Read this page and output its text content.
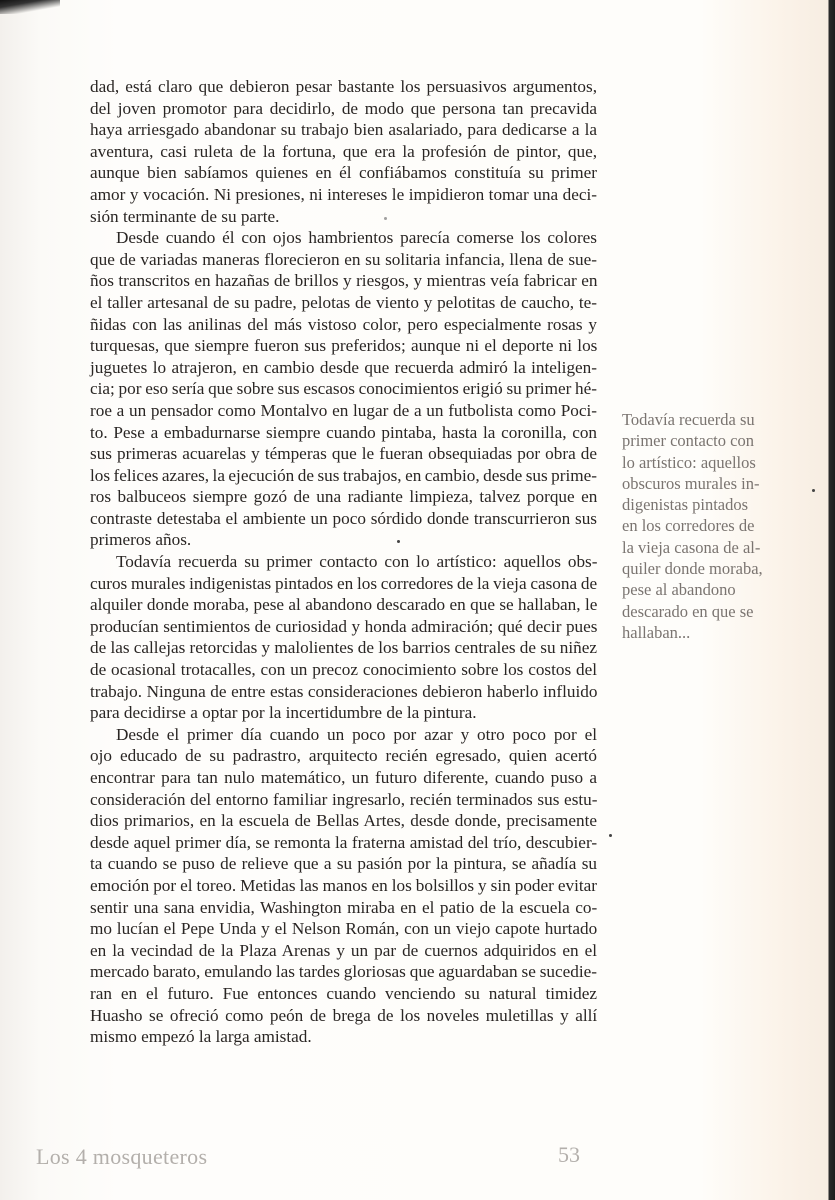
dad, está claro que debieron pesar bastante los persuasivos argumentos,
del joven promotor para decidirlo, de modo que persona tan precavida
haya arriesgado abandonar su trabajo bien asalariado, para dedicarse a la
aventura, casi ruleta de la fortuna, que era la profesión de pintor, que,
aunque bien sabíamos quienes en él confiábamos constituía su primer
amor y vocación. Ni presiones, ni intereses le impidieron tomar una deci-
sión terminante de su parte.
Desde cuando él con ojos hambrientos parecía comerse los colores
que de variadas maneras florecieron en su solitaria infancia, llena de sue-
ños transcritos en hazañas de brillos y riesgos, y mientras veía fabricar en
el taller artesanal de su padre, pelotas de viento y pelotitas de caucho, te-
ñidas con las anilinas del más vistoso color, pero especialmente rosas y
turquesas, que siempre fueron sus preferidos; aunque ni el deporte ni los
juguetes lo atrajeron, en cambio desde que recuerda admiró la inteligen-
cia; por eso sería que sobre sus escasos conocimientos erigió su primer hé-
roe a un pensador como Montalvo en lugar de a un futbolista como Poci-
to. Pese a embadurnarse siempre cuando pintaba, hasta la coronilla, con
sus primeras acuarelas y témperas que le fueran obsequiadas por obra de
los felices azares, la ejecución de sus trabajos, en cambio, desde sus prime-
ros balbuceos siempre gozó de una radiante limpieza, talvez porque en
contraste detestaba el ambiente un poco sórdido donde transcurrieron sus
primeros años.
Todavía recuerda su primer contacto con lo artístico: aquellos obs-
curos murales indigenistas pintados en los corredores de la vieja casona de
alquiler donde moraba, pese al abandono descarado en que se hallaban, le
producían sentimientos de curiosidad y honda admiración; qué decir pues
de las callejas retorcidas y malolientes de los barrios centrales de su niñez
de ocasional trotacalles, con un precoz conocimiento sobre los costos del
trabajo. Ninguna de entre estas consideraciones debieron haberlo influido
para decidirse a optar por la incertidumbre de la pintura.
Desde el primer día cuando un poco por azar y otro poco por el
ojo educado de su padrastro, arquitecto recién egresado, quien acertó
encontrar para tan nulo matemático, un futuro diferente, cuando puso a
consideración del entorno familiar ingresarlo, recién terminados sus estu-
dios primarios, en la escuela de Bellas Artes, desde donde, precisamente
desde aquel primer día, se remonta la fraterna amistad del trío, descubier-
ta cuando se puso de relieve que a su pasión por la pintura, se añadía su
emoción por el toreo. Metidas las manos en los bolsillos y sin poder evitar
sentir una sana envidia, Washington miraba en el patio de la escuela co-
mo lucían el Pepe Unda y el Nelson Román, con un viejo capote hurtado
en la vecindad de la Plaza Arenas y un par de cuernos adquiridos en el
mercado barato, emulando las tardes gloriosas que aguardaban se sucedie-
ran en el futuro. Fue entonces cuando venciendo su natural timidez
Huasho se ofreció como peón de brega de los noveles muletillas y allí
mismo empezó la larga amistad.
Todavía recuerda su
primer contacto con
lo artístico: aquellos
obscuros murales in-
digenistas pintados
en los corredores de
la vieja casona de al-
quiler donde moraba,
pese al abandono
descarado en que se
hallaban...
Los 4 mosqueteros	53
